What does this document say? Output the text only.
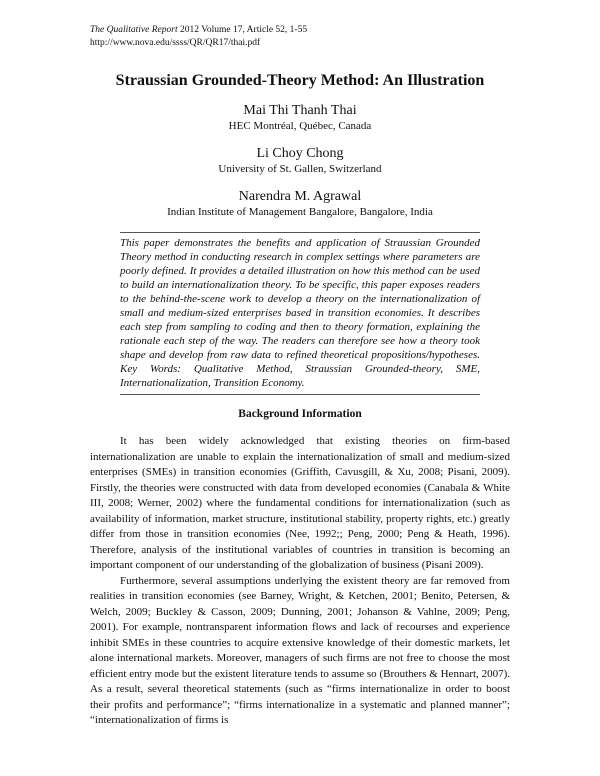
The Qualitative Report 2012 Volume 17, Article 52, 1-55
http://www.nova.edu/ssss/QR/QR17/thai.pdf
Straussian Grounded-Theory Method: An Illustration
Mai Thi Thanh Thai
HEC Montréal, Québec, Canada
Li Choy Chong
University of St. Gallen, Switzerland
Narendra M. Agrawal
Indian Institute of Management Bangalore, Bangalore, India
This paper demonstrates the benefits and application of Straussian Grounded Theory method in conducting research in complex settings where parameters are poorly defined. It provides a detailed illustration on how this method can be used to build an internationalization theory. To be specific, this paper exposes readers to the behind-the-scene work to develop a theory on the internationalization of small and medium-sized enterprises based in transition economies. It describes each step from sampling to coding and then to theory formation, explaining the rationale each step of the way. The readers can therefore see how a theory took shape and develop from raw data to refined theoretical propositions/hypotheses. Key Words: Qualitative Method, Straussian Grounded-theory, SME, Internationalization, Transition Economy.
Background Information

It has been widely acknowledged that existing theories on firm-based internationalization are unable to explain the internationalization of small and medium-sized enterprises (SMEs) in transition economies (Griffith, Cavusgill, & Xu, 2008; Pisani, 2009). Firstly, the theories were constructed with data from developed economies (Canabala & White III, 2008; Werner, 2002) where the fundamental conditions for internationalization (such as availability of information, market structure, institutional stability, property rights, etc.) greatly differ from those in transition economies (Nee, 1992;; Peng, 2000; Peng & Heath, 1996). Therefore, analysis of the institutional variables of countries in transition is becoming an important component of our understanding of the globalization of business (Pisani 2009).

Furthermore, several assumptions underlying the existent theory are far removed from realities in transition economies (see Barney, Wright, & Ketchen, 2001; Benito, Petersen, & Welch, 2009; Buckley & Casson, 2009; Dunning, 2001; Johanson & Vahlne, 2009; Peng, 2001). For example, nontransparent information flows and lack of recourses and experience inhibit SMEs in these countries to acquire extensive knowledge of their domestic markets, let alone international markets. Moreover, managers of such firms are not free to choose the most efficient entry mode but the existent literature tends to assume so (Brouthers & Hennart, 2007). As a result, several theoretical statements (such as “firms internationalize in order to boost their profits and performance”; “firms internationalize in a systematic and planned manner”; “internationalization of firms is
